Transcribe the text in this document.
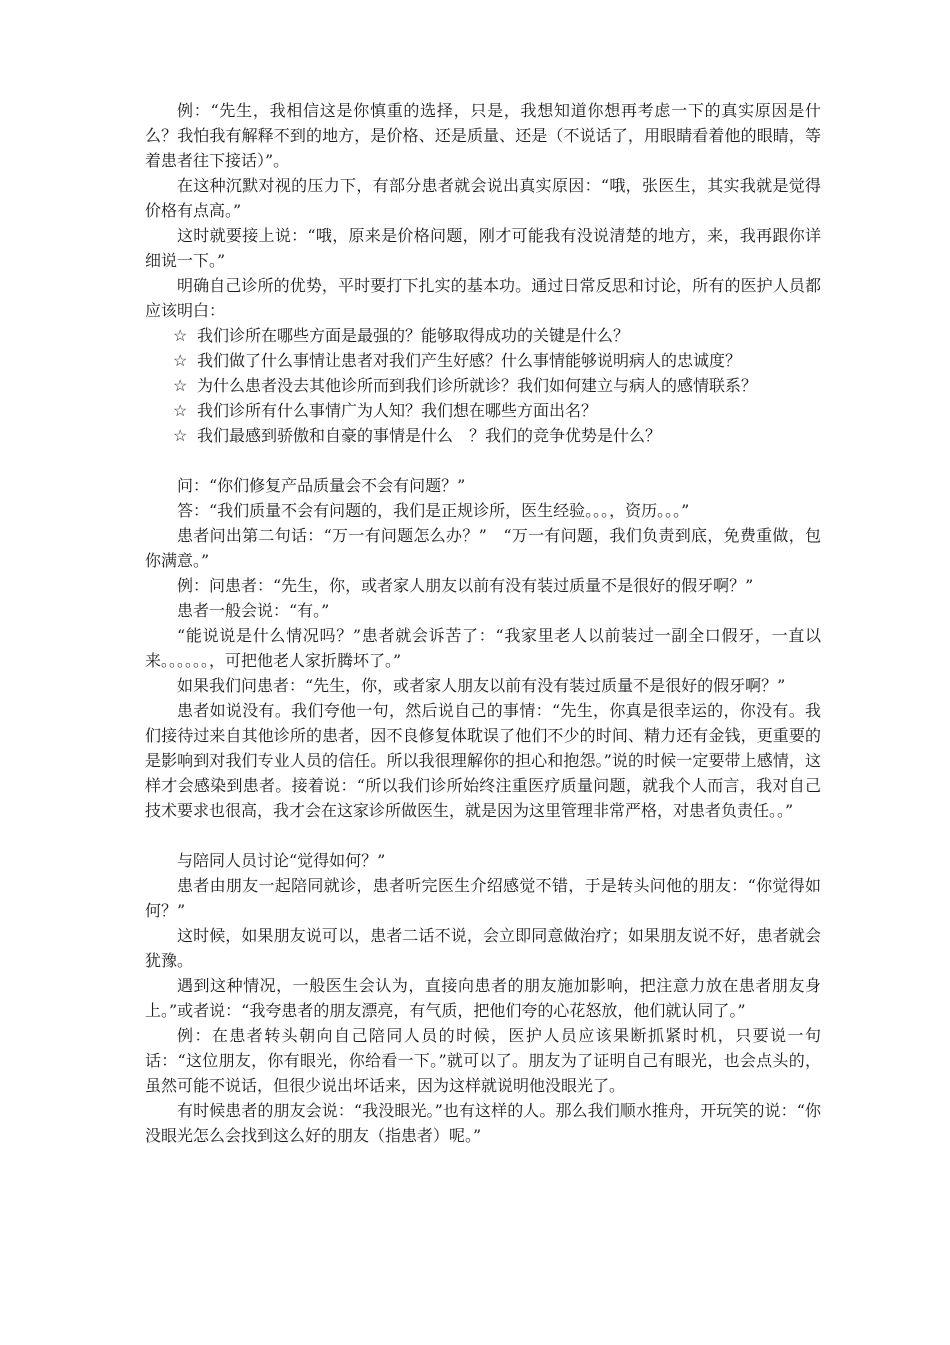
例：“先生，我相信这是你慎重的选择，只是，我想知道你想再考虑一下的真实原因是什么？我怕我有解释不到的地方，是价格、还是质量、还是（不说话了，用眼睛看着他的眼睛，等着患者往下接话）”。

在这种沉默对视的压力下，有部分患者就会说出真实原因：“哦，张医生，其实我就是觉得价格有点高。”

这时就要接上说：“哦，原来是价格问题，刚才可能我有没说清楚的地方，来，我再跟你详细说一下。”

明确自己诊所的优势，平时要打下扎实的基本功。通过日常反思和讨论，所有的医护人员都应该明白：

☆ 我们诊所在哪些方面是最强的？能够取得成功的关键是什么？

☆ 我们做了什么事情让患者对我们产生好感？什么事情能够说明病人的忠诚度？

☆ 为什么患者没去其他诊所而到我们诊所就诊？我们如何建立与病人的感情联系？

☆ 我们诊所有什么事情广为人知？我们想在哪些方面出名？

☆ 我们最感到骄傲和自豪的事情是什么　？我们的竞争优势是什么？

问：“你们修复产品质量会不会有问题？”

答：“我们质量不会有问题的，我们是正规诊所，医生经验。。。，资历。。。”

患者问出第二句话：“万一有问题怎么办？”　“万一有问题，我们负责到底，免费重做，包你满意。”

例：问患者：“先生，你，或者家人朋友以前有没有装过质量不是很好的假牙啊？”

患者一般会说：“有。”

“能说说是什么情况吗？”患者就会诉苦了：“我家里老人以前装过一副全口假牙，一直以来。。。。。。，可把他老人家折腾坏了。”

如果我们问患者：“先生，你，或者家人朋友以前有没有装过质量不是很好的假牙啊？”

患者如说没有。我们夸他一句，然后说自己的事情：“先生，你真是很幸运的，你没有。我们接待过来自其他诊所的患者，因不良修复体耽误了他们不少的时间、精力还有金钱，更重要的是影响到对我们专业人员的信任。所以我很理解你的担心和抱怨。”说的时候一定要带上感情，这样才会感染到患者。接着说：“所以我们诊所始终注重医疗质量问题，就我个人而言，我对自己技术要求也很高，我才会在这家诊所做医生，就是因为这里管理非常严格，对患者负责任。。”

与陪同人员讨论“觉得如何？”

患者由朋友一起陪同就诊，患者听完医生介绍感觉不错，于是转头问他的朋友：“你觉得如何？”

这时候，如果朋友说可以，患者二话不说，会立即同意做治疗；如果朋友说不好，患者就会犹豫。

遇到这种情况，一般医生会认为，直接向患者的朋友施加影响，把注意力放在患者朋友身上。”或者说：“我夸患者的朋友漂亮，有气质，把他们夸的心花怒放，他们就认同了。”

例：在患者转头朝向自己陪同人员的时候，医护人员应该果断抓紧时机，只要说一句话：“这位朋友，你有眼光，你给看一下。”就可以了。朋友为了证明自己有眼光，也会点头的，虽然可能不说话，但很少说出坏话来，因为这样就说明他没眼光了。

有时候患者的朋友会说：“我没眼光。”也有这样的人。那么我们顺水推舟，开玩笑的说：“你没眼光怎么会找到这么好的朋友（指患者）呢。”
